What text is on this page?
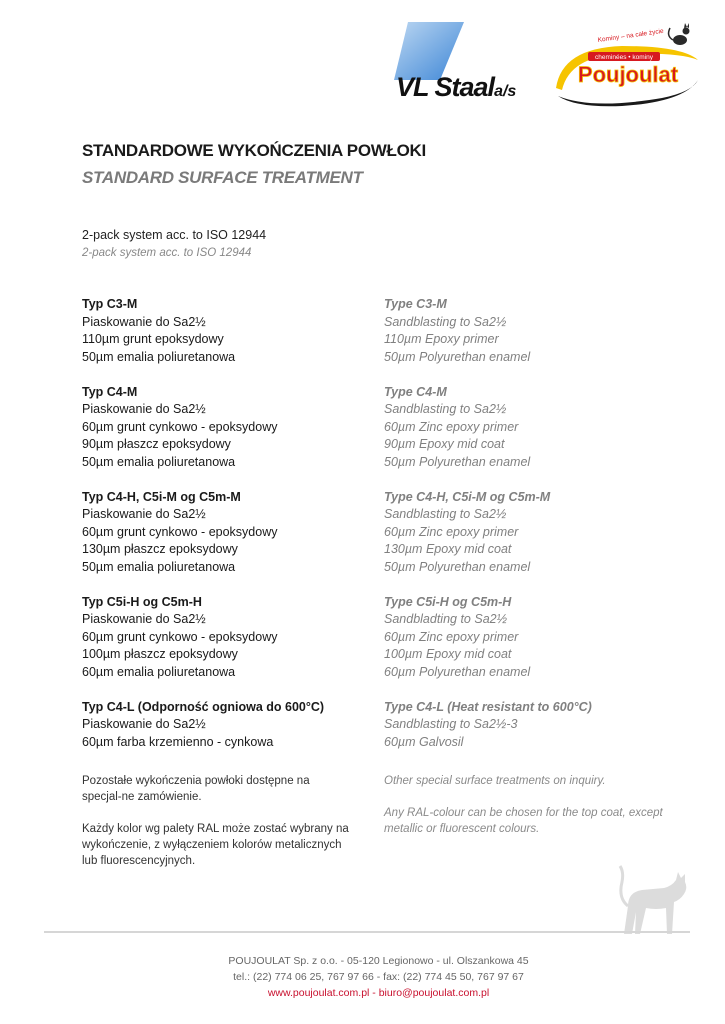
VL Staala/s
Kominy – na całe życie
cheminées • kominy
Poujoulat
STANDARDOWE WYKOŃCZENIA POWŁOKI
STANDARD SURFACE TREATMENT
2-pack system acc. to ISO 12944
2-pack system acc. to ISO 12944
Typ C3-M
Piaskowanie do Sa2½
110µm grunt epoksydowy
50µm emalia poliuretanowa
Typ C4-M
Piaskowanie do Sa2½
60µm grunt cynkowo - epoksydowy
90µm płaszcz epoksydowy
50µm emalia poliuretanowa
Typ C4-H, C5i-M og C5m-M
Piaskowanie do Sa2½
60µm grunt cynkowo - epoksydowy
130µm płaszcz epoksydowy
50µm emalia poliuretanowa
Typ C5i-H og C5m-H
Piaskowanie do Sa2½
60µm grunt cynkowo - epoksydowy
100µm płaszcz epoksydowy
60µm emalia poliuretanowa
Typ C4-L (Odporność ogniowa do 600°C)
Piaskowanie do Sa2½
60µm farba krzemienno - cynkowa
Type C3-M
Sandblasting to Sa2½
110µm Epoxy primer
50µm Polyurethan enamel
Type C4-M
Sandblasting to Sa2½
60µm Zinc epoxy primer
90µm Epoxy mid coat
50µm Polyurethan enamel
Type C4-H, C5i-M og C5m-M
Sandblasting to Sa2½
60µm Zinc epoxy primer
130µm Epoxy mid coat
50µm Polyurethan enamel
Type C5i-H og C5m-H
Sandbladting to Sa2½
60µm Zinc epoxy primer
100µm Epoxy mid coat
60µm Polyurethan enamel
Type C4-L (Heat resistant to 600°C)
Sandblasting to Sa2½-3
60µm Galvosil

Pozostałe wykończenia powłoki dostępne na specjal-ne zamówienie.

Każdy kolor wg palety RAL może zostać wybrany na wykończenie, z wyłączeniem kolorów metalicznych lub fluorescencyjnych.

Other special surface treatments on inquiry.

Any RAL-colour can be chosen for the top coat, except metallic or fluorescent colours.

POUJOULAT Sp. z o.o. - 05-120 Legionowo - ul. Olszankowa 45
tel.: (22) 774 06 25, 767 97 66 - fax: (22) 774 45 50, 767 97 67
www.poujoulat.com.pl - biuro@poujoulat.com.pl
